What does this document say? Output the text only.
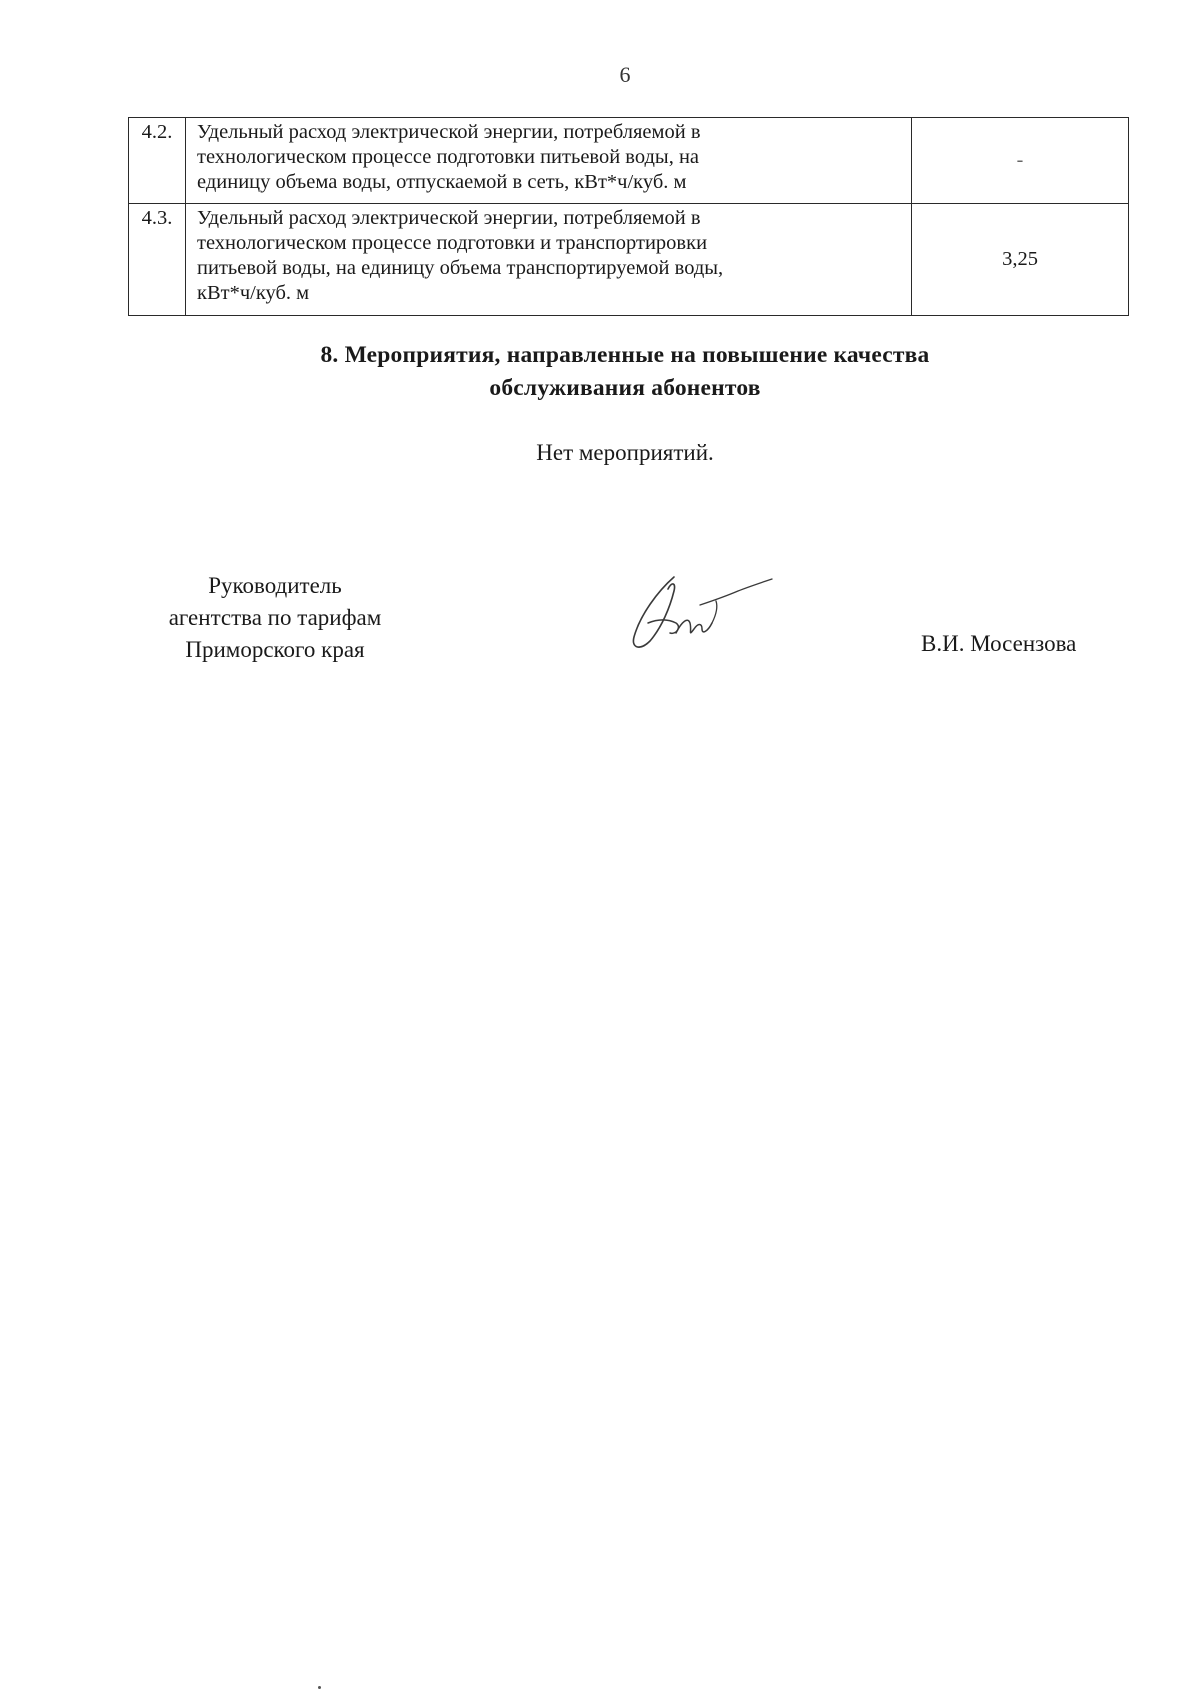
6
4.2.	Удельный расход электрической энергии, потребляемой в
технологическом процессе подготовки питьевой воды, на
единицу объема воды, отпускаемой в сеть, кВт*ч/куб. м	-
4.3.	Удельный расход электрической энергии, потребляемой в
технологическом процессе подготовки и транспортировки
питьевой воды, на единицу объема транспортируемой воды,
кВт*ч/куб. м	3,25
8. Мероприятия, направленные на повышение качества
обслуживания абонентов
Нет мероприятий.
Руководитель
агентства по тарифам
Приморского края	В.И. Мосензова
